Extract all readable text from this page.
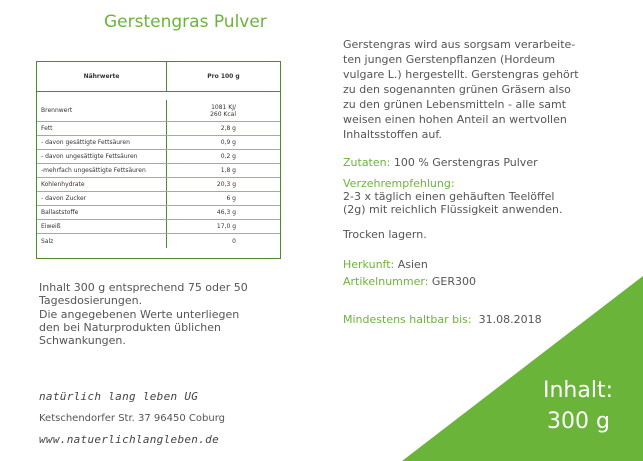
Gerstengras Pulver
Nährwerte	Pro 100 g
Brennwert	1081 KJ/
260 Kcal
Fett	2,8 g
- davon gesättigte Fettsäuren	0,9 g
- davon ungesättigte Fettsäuren	0,2 g
-mehrfach ungesättigte Fettsäuren	1,8 g
Kohlenhydrate	20,3 g
- davon Zucker	6 g
Ballaststoffe	46,3 g
Eiweiß	17,0 g
Salz	0
Inhalt 300 g entsprechend 75 oder 50
Tagesdosierungen.
Die angegebenen Werte unterliegen
den bei Naturprodukten üblichen
Schwankungen.
natürlich lang leben UG
Ketschendorfer Str. 37 96450 Coburg
www.natuerlichlangleben.de
Gerstengras wird aus sorgsam verarbeite-
ten jungen Gerstenpflanzen (Hordeum
vulgare L.) hergestellt. Gerstengras gehört
zu den sogenannten grünen Gräsern also
zu den grünen Lebensmitteln - alle samt
weisen einen hohen Anteil an wertvollen
Inhaltsstoffen auf.
Zutaten: 100 % Gerstengras Pulver
Verzehrempfehlung:
2-3 x täglich einen gehäuften Teelöffel
(2g) mit reichlich Flüssigkeit anwenden.
Trocken lagern.
Herkunft: Asien
Artikelnummer: GER300
Mindestens haltbar bis:  31.08.2018
Inhalt:
300 g
